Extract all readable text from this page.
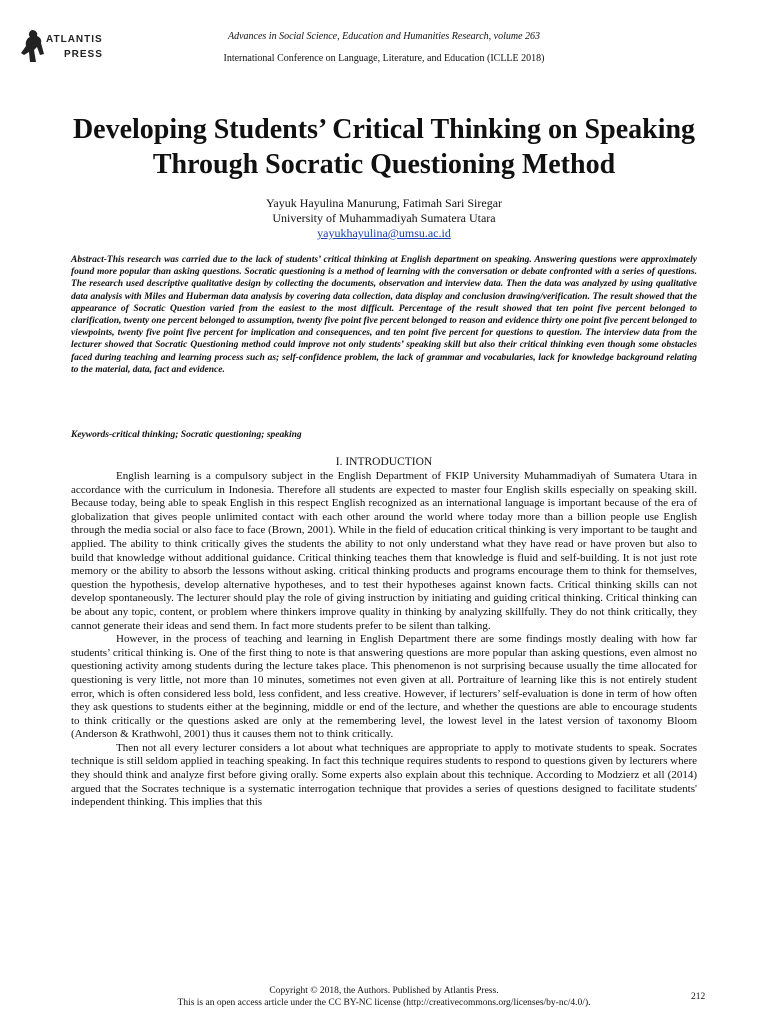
ATLANTIS
PRESS
Advances in Social Science, Education and Humanities Research, volume 263
International Conference on Language, Literature, and Education (ICLLE 2018)
Developing Students’ Critical Thinking on Speaking Through Socratic Questioning Method
Yayuk Hayulina Manurung, Fatimah Sari Siregar
University of Muhammadiyah Sumatera Utara
yayukhayulina@umsu.ac.id

Abstract-This research was carried due to the lack of students’ critical thinking at English department on speaking. Answering questions were approximately found more popular than asking questions. Socratic questioning is a method of learning with the conversation or debate confronted with a series of questions. The research used descriptive qualitative design by collecting the documents, observation and interview data. Then the data was analyzed by using qualitative data analysis with Miles and Huberman data analysis by covering data collection, data display and conclusion drawing/verification. The result showed that the appearance of Socratic Question varied from the easiest to the most difficult. Percentage of the result showed that ten point five percent belonged to clarification, twenty one percent belonged to assumption, twenty five point five percent belonged to reason and evidence thirty one point five percent belonged to viewpoints, twenty five point five percent for implication and consequences, and ten point five percent for questions to question. The interview data from the lecturer showed that Socratic Questioning method could improve not only students’ speaking skill but also their critical thinking even though some obstacles faced during teaching and learning process such as; self-confidence problem, the lack of grammar and vocabularies, lack for knowledge background relating to the material, data, fact and evidence.

Keywords-critical thinking; Socratic questioning; speaking

I. INTRODUCTION

English learning is a compulsory subject in the English Department of FKIP University Muhammadiyah of Sumatera Utara in accordance with the curriculum in Indonesia. Therefore all students are expected to master four English skills especially on speaking skill. Because today, being able to speak English in this respect English recognized as an international language is important because of the era of globalization that gives people unlimited contact with each other around the world where today more than a billion people use English through the media social or also face to face (Brown, 2001). While in the field of education critical thinking is very important to be taught and applied. The ability to think critically gives the students the ability to not only understand what they have read or have proven but also to build that knowledge without additional guidance. Critical thinking teaches them that knowledge is fluid and self-building. It is not just rote memory or the ability to absorb the lessons without asking. critical thinking products and programs encourage them to think for themselves, question the hypothesis, develop alternative hypotheses, and to test their hypotheses against known facts. Critical thinking skills can not develop spontaneously. The lecturer should play the role of giving instruction by initiating and guiding critical thinking. Critical thinking can be about any topic, content, or problem where thinkers improve quality in thinking by analyzing skillfully. They do not think critically, they cannot generate their ideas and send them. In fact more students prefer to be silent than talking.

However, in the process of teaching and learning in English Department there are some findings mostly dealing with how far students’ critical thinking is. One of the first thing to note is that answering questions are more popular than asking questions, even almost no questioning activity among students during the lecture takes place. This phenomenon is not surprising because usually the time allocated for questioning is very little, not more than 10 minutes, sometimes not even given at all. Portraiture of learning like this is not entirely student error, which is often considered less bold, less confident, and less creative. However, if lecturers’ self-evaluation is done in term of how often they ask questions to students either at the beginning, middle or end of the lecture, and whether the questions are able to encourage students to think critically or the questions asked are only at the remembering level, the lowest level in the latest version of taxonomy Bloom (Anderson & Krathwohl, 2001) thus it causes them not to think critically.

Then not all every lecturer considers a lot about what techniques are appropriate to apply to motivate students to speak. Socrates technique is still seldom applied in teaching speaking. In fact this technique requires students to respond to questions given by lecturers where they should think and analyze first before giving orally. Some experts also explain about this technique. According to Modzierz et all (2014) argued that the Socrates technique is a systematic interrogation technique that provides a series of questions designed to facilitate students' independent thinking. This implies that this

Copyright © 2018, the Authors. Published by Atlantis Press.
This is an open access article under the CC BY-NC license (http://creativecommons.org/licenses/by-nc/4.0/).
212
